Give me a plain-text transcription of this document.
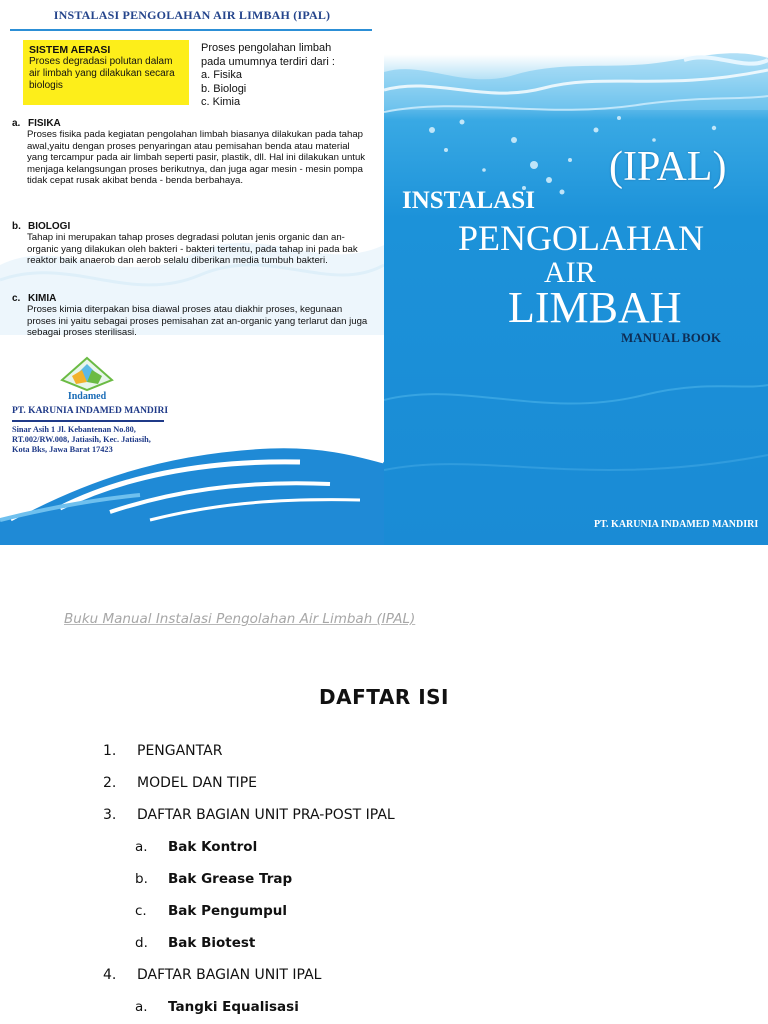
INSTALASI PENGOLAHAN AIR LIMBAH (IPAL)
SISTEM AERASI
Proses degradasi polutan dalam air limbah yang dilakukan secara biologis
Proses pengolahan limbah
pada umumnya terdiri dari :
a. Fisika
b. Biologi
c. Kimia
a. FISIKA
Proses fisika pada kegiatan pengolahan limbah biasanya dilakukan pada tahap awal,yaitu dengan proses penyaringan atau pemisahan benda atau material yang tercampur pada air limbah seperti pasir, plastik, dll. Hal ini dilakukan untuk menjaga kelangsungan proses berikutnya, dan juga agar mesin - mesin pompa tidak cepat rusak akibat benda - benda berbahaya.
b. BIOLOGI
Tahap ini merupakan tahap proses degradasi polutan jenis organic dan an-organic yang dilakukan oleh bakteri - bakteri tertentu, pada tahap ini pada bak reaktor baik anaerob dan aerob selalu diberikan media tumbuh bakteri.
c. KIMIA
Proses kimia diterpakan bisa diawal proses atau diakhir proses, kegunaan proses ini yaitu sebagai proses pemisahan zat an-organic yang terlarut dan juga sebagai proses sterilisasi.
Indamed
PT. KARUNIA INDAMED MANDIRI
Sinar Asih 1 Jl. Kebantenan No.80,
RT.002/RW.008, Jatiasih, Kec. Jatiasih,
Kota Bks, Jawa Barat 17423
(IPAL)
INSTALASI
PENGOLAHAN
AIR
LIMBAH
MANUAL BOOK
PT. KARUNIA INDAMED MANDIRI
Buku Manual Instalasi Pengolahan Air Limbah (IPAL)
DAFTAR ISI
1. PENGANTAR
2. MODEL DAN TIPE
3. DAFTAR BAGIAN UNIT PRA-POST IPAL
a. Bak Kontrol
b. Bak Grease Trap
c. Bak Pengumpul
d. Bak Biotest
4. DAFTAR BAGIAN UNIT IPAL
a. Tangki Equalisasi
